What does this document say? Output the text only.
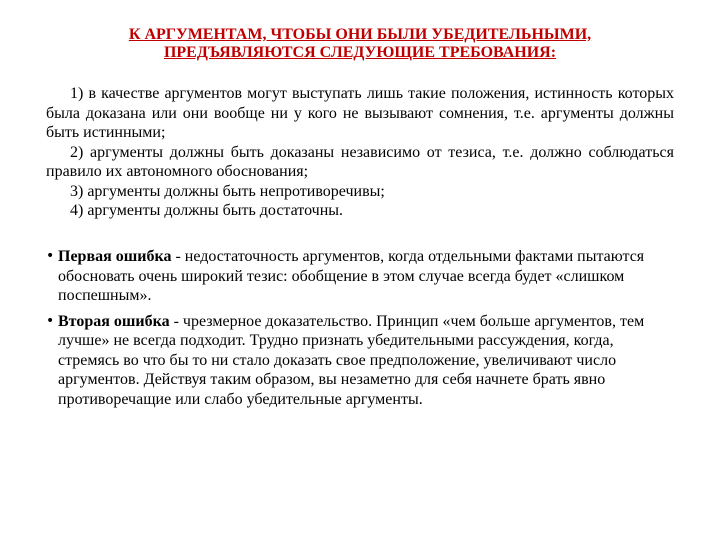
К АРГУМЕНТАМ, ЧТОБЫ ОНИ БЫЛИ УБЕДИТЕЛЬНЫМИ,
ПРЕДЪЯВЛЯЮТСЯ СЛЕДУЮЩИЕ ТРЕБОВАНИЯ:

1) в качестве аргументов могут выступать лишь такие положения, истинность которых была доказана или они вообще ни у кого не вызывают сомнения, т.е. аргументы должны быть истинными;

2) аргументы должны быть доказаны независимо от тезиса, т.е. должно соблюдаться правило их автономного обоснования;

3) аргументы должны быть непротиворечивы;

4) аргументы должны быть достаточны.

• Первая ошибка - недостаточность аргументов, когда отдельными фактами пытаются обосновать очень широкий тезис: обобщение в этом случае всегда будет «слишком поспешным».
• Вторая ошибка - чрезмерное доказательство. Принцип «чем больше аргументов, тем лучше» не всегда подходит. Трудно признать убедительными рассуждения, когда, стремясь во что бы то ни стало доказать свое предположение, увеличивают число аргументов. Действуя таким образом, вы незаметно для себя начнете брать явно противоречащие или слабо убедительные аргументы.
